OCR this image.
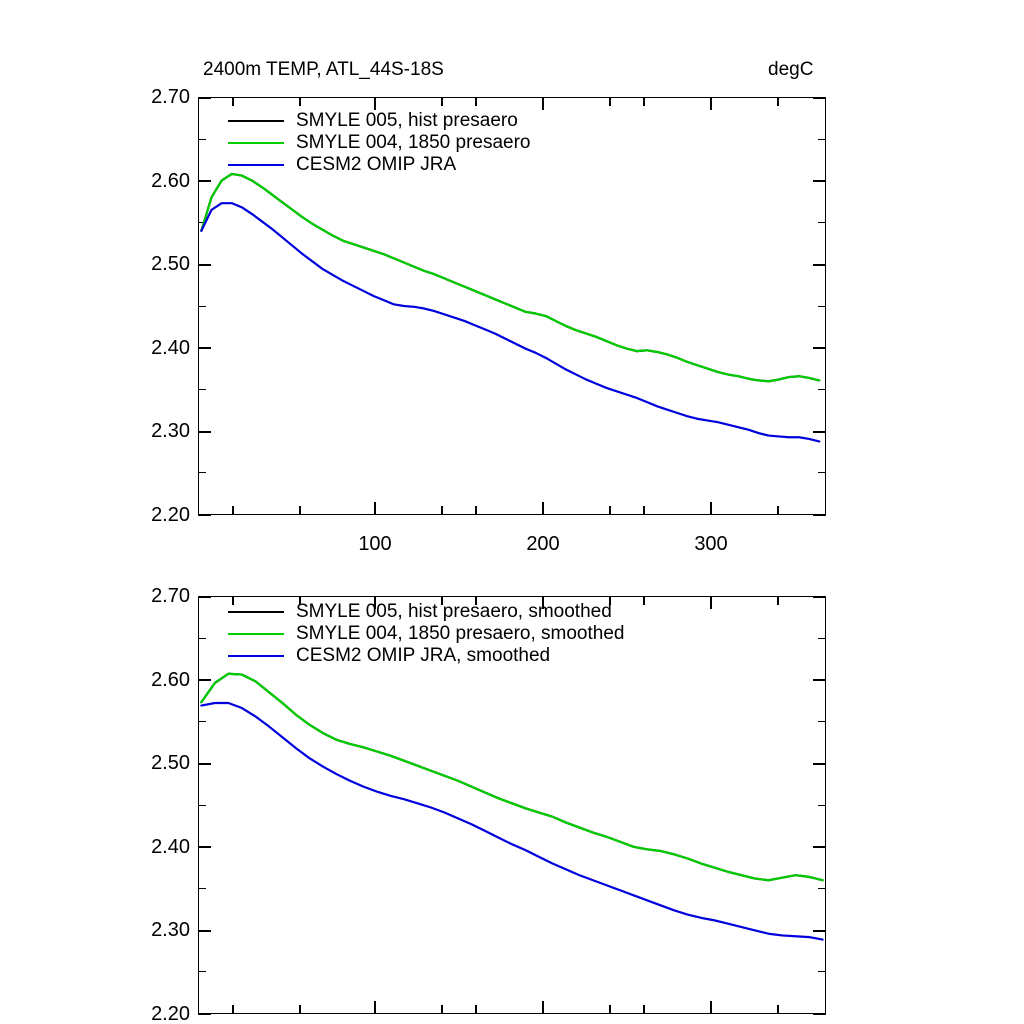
2400m TEMP, ATL_44S-18S	degC
2.70
2.60
2.50
2.40
2.30
2.20
100	200	300
SMYLE 005, hist presaero
SMYLE 004, 1850 presaero
CESM2 OMIP JRA
2.70
2.60
2.50
2.40
2.30
2.20
SMYLE 005, hist presaero, smoothed
SMYLE 004, 1850 presaero, smoothed
CESM2 OMIP JRA, smoothed
